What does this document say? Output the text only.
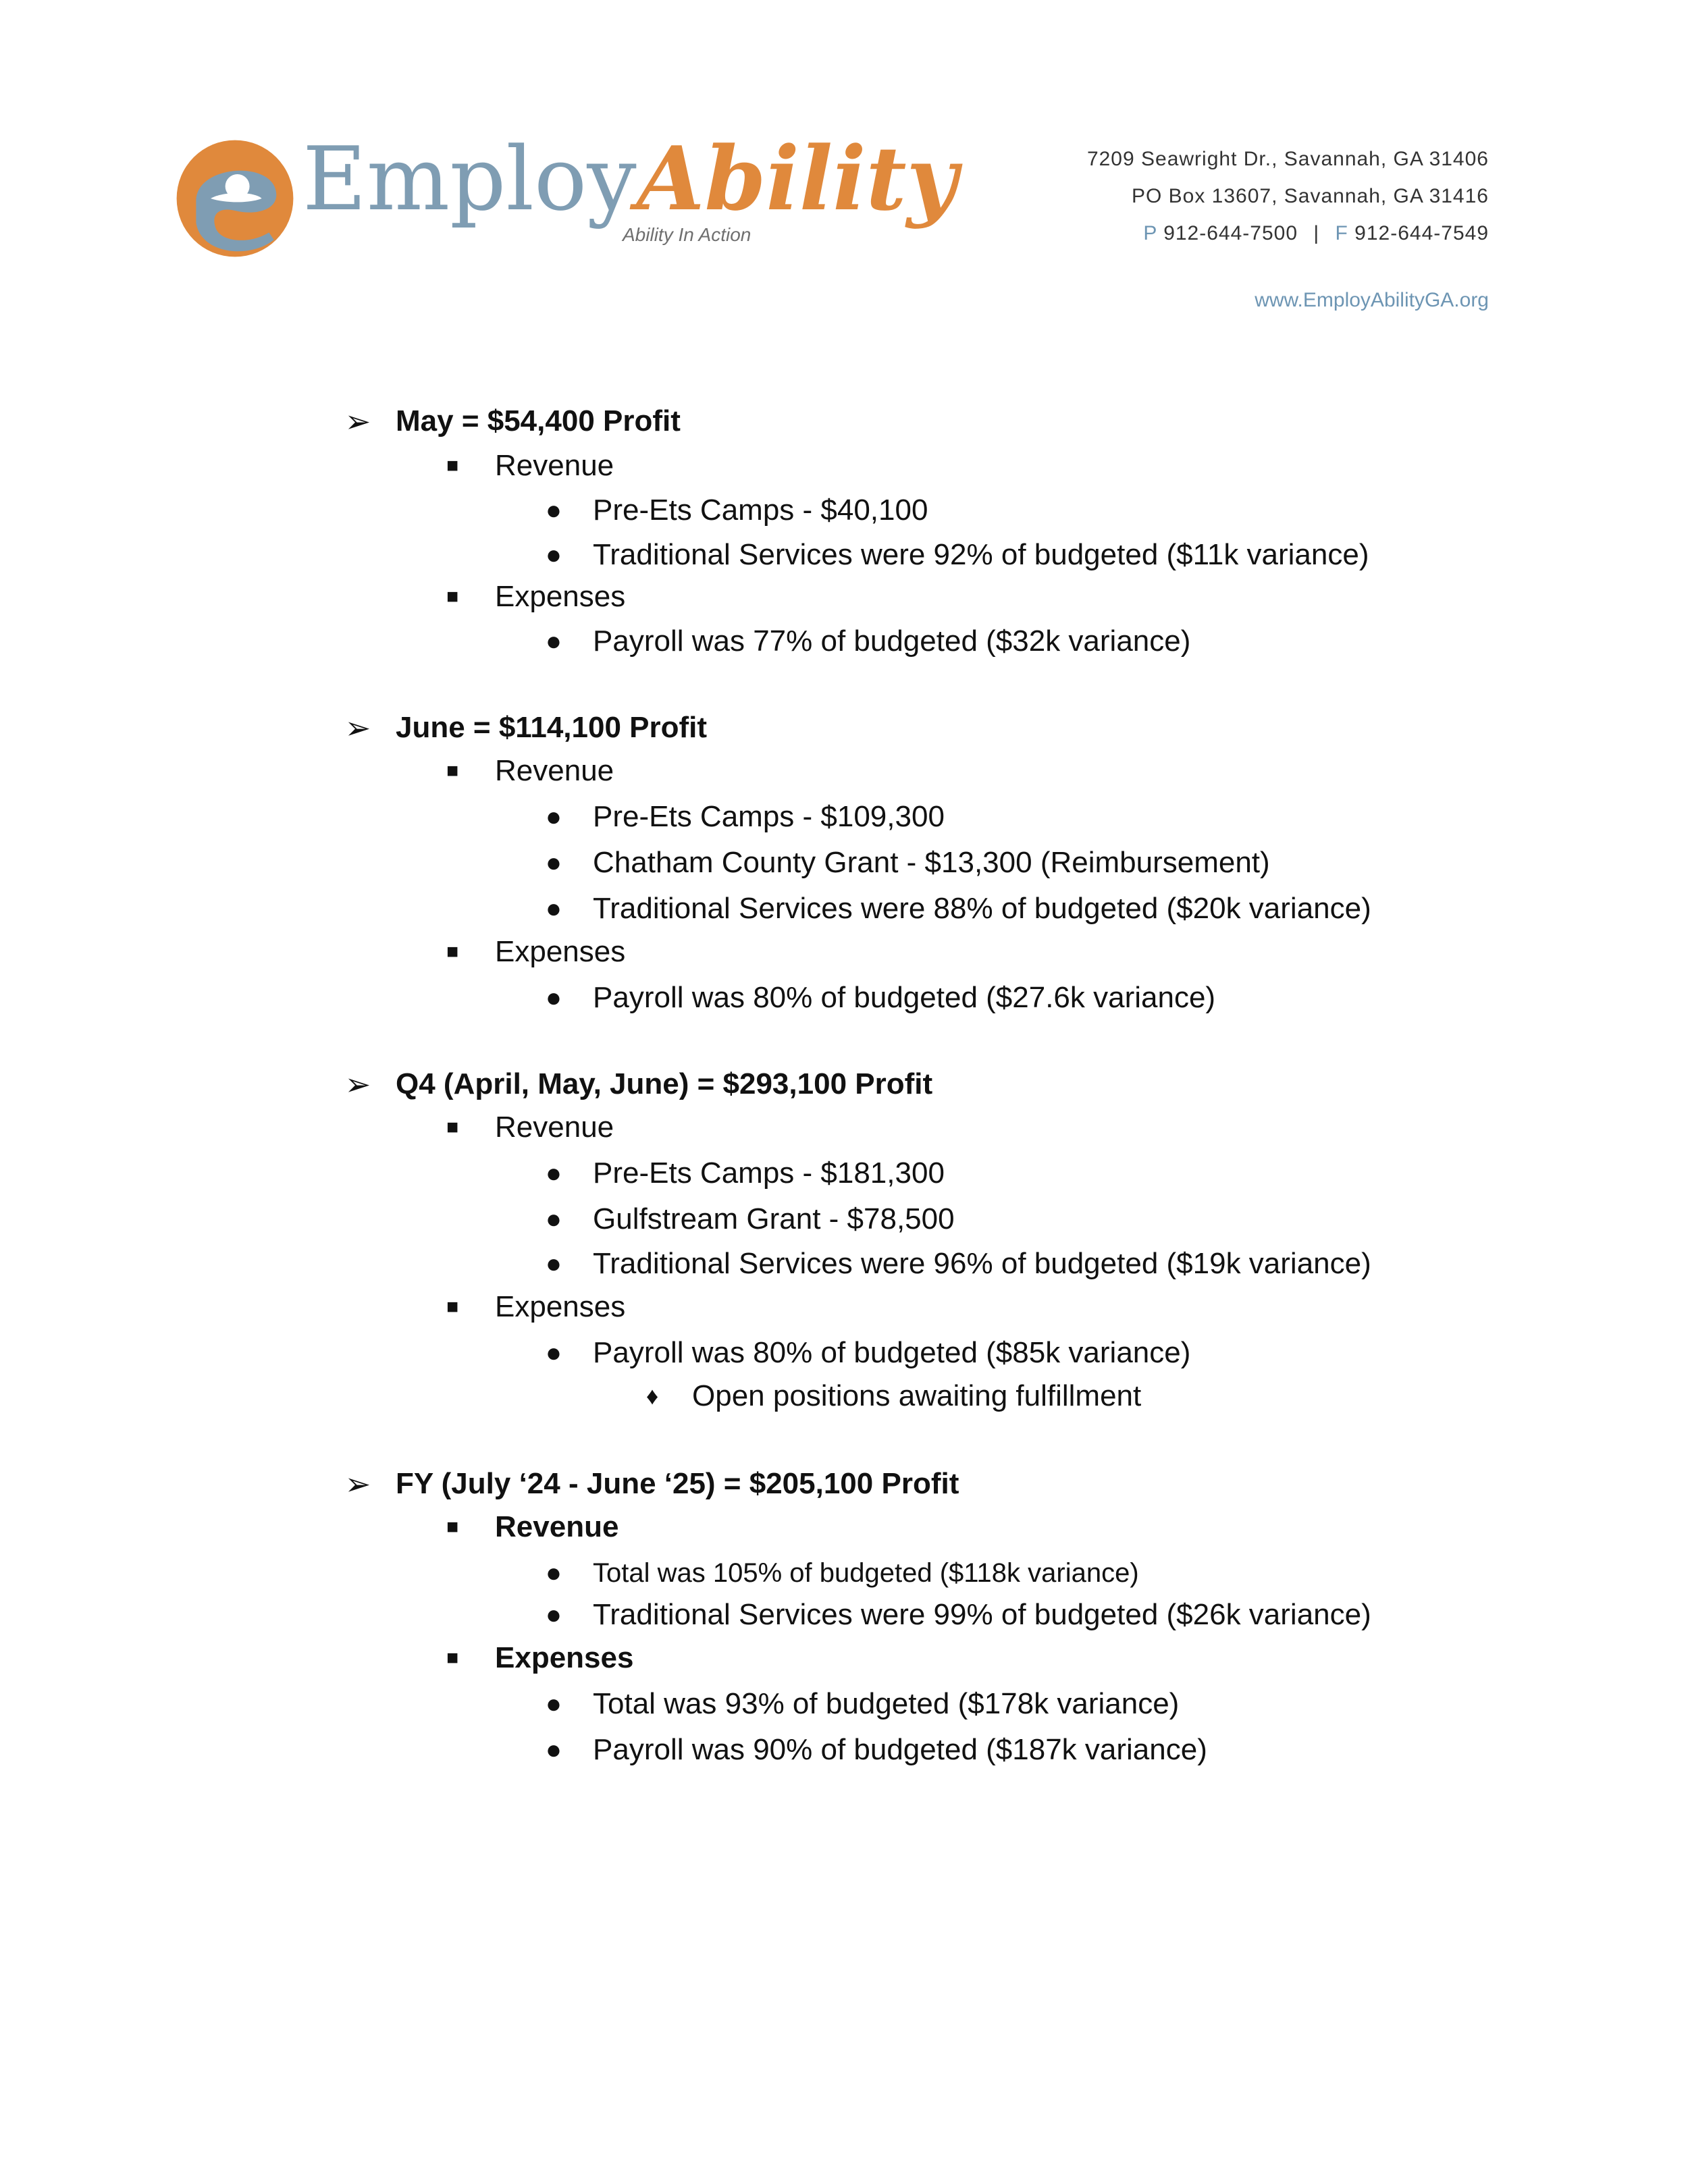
EmployAbility
Ability In Action
7209 Seawright Dr., Savannah, GA 31406
PO Box 13607, Savannah, GA 31416
P 912-644-7500 | F 912-644-7549
www.EmployAbilityGA.org
➢ May = $54,400 Profit
■ Revenue
● Pre-Ets Camps - $40,100
● Traditional Services were 92% of budgeted ($11k variance)
■ Expenses
● Payroll was 77% of budgeted ($32k variance)
➢ June = $114,100 Profit
■ Revenue
● Pre-Ets Camps - $109,300
● Chatham County Grant - $13,300 (Reimbursement)
● Traditional Services were 88% of budgeted ($20k variance)
■ Expenses
● Payroll was 80% of budgeted ($27.6k variance)
➢ Q4 (April, May, June) = $293,100 Profit
■ Revenue
● Pre-Ets Camps - $181,300
● Gulfstream Grant - $78,500
● Traditional Services were 96% of budgeted ($19k variance)
■ Expenses
● Payroll was 80% of budgeted ($85k variance)
♦ Open positions awaiting fulfillment
➢ FY (July ‘24 - June ‘25) = $205,100 Profit
■ Revenue
● Total was 105% of budgeted ($118k variance)
● Traditional Services were 99% of budgeted ($26k variance)
■ Expenses
● Total was 93% of budgeted ($178k variance)
● Payroll was 90% of budgeted ($187k variance)
